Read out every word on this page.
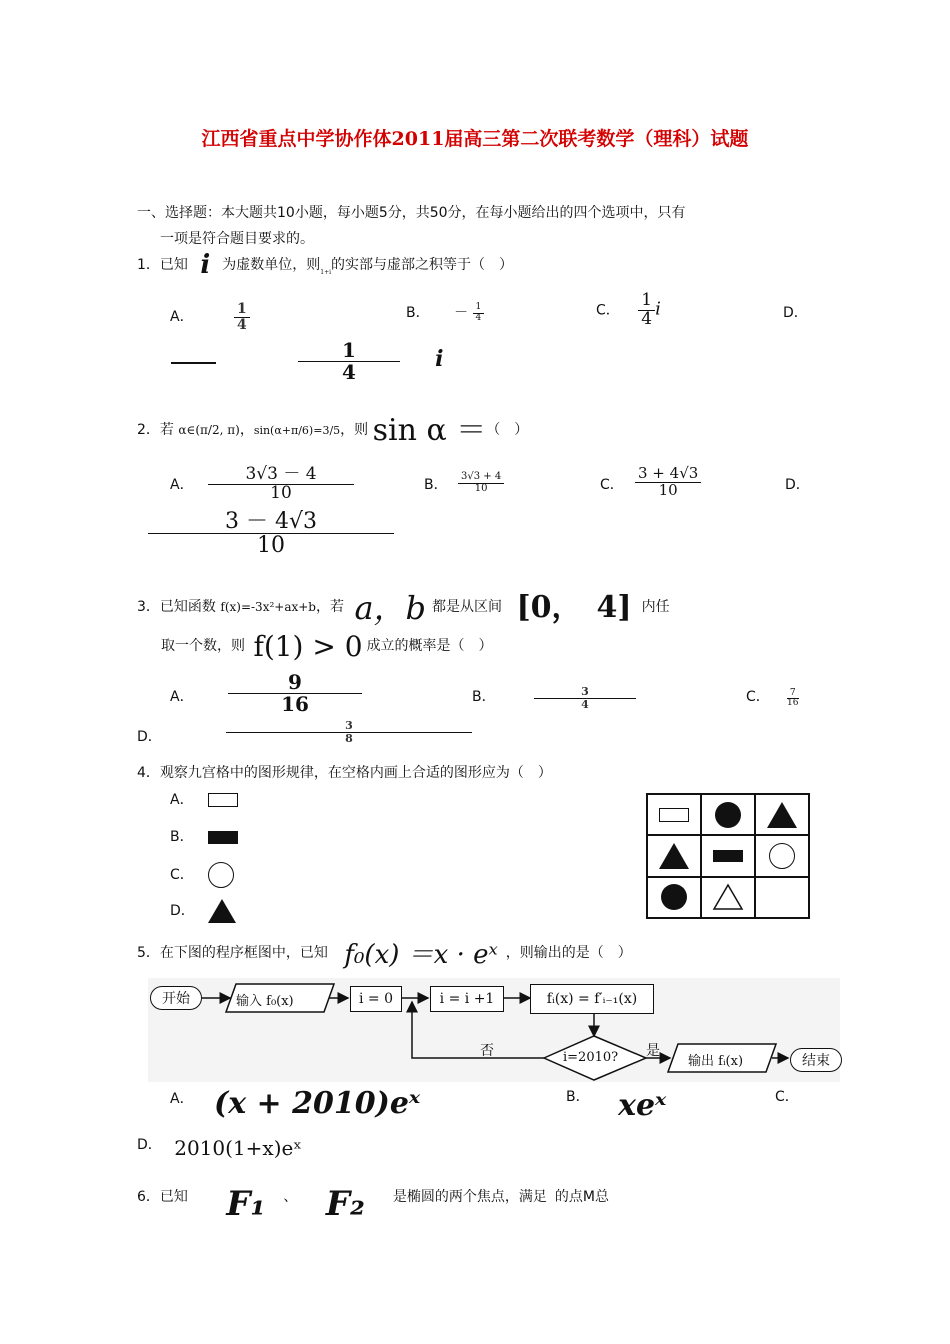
江西省重点中学协作体2011届高三第二次联考数学（理科）试题
一、选择题：本大题共10小题，每小题5分，共50分，在每小题给出的四个选项中，只有
一项是符合题目要求的。
1．已知 i 为虚数单位，则$_{1+i}$的实部与虚部之积等于（　）
A．	$\frac{1}{4}$	B． － $\frac{1}{4}$	C． $\frac{1}{4}$ i	D．
$\frac{1}{4}$ i
2．若 α∈(π/2, π)，sin(α+π/6)=3/5，则 sin α ＝（　）
A． $\frac{3√3 - 4}{10}$	B． $\frac{3√3 + 4}{10}$	C． $\frac{3 + 4√3}{10}$	D．
$\frac{3 - 4√3}{10}$
3．已知函数 f(x)=-3x²+ax+b，若 a，b 都是从区间 [0，　4] 内任
取一个数，则 f(1) > 0 成立的概率是（　）
A． $\frac{9}{16}$	B．	$\frac{3}{4}$	C． $\frac{7}{16}$
D．	$\frac{3}{8}$
4．观察九宫格中的图形规律，在空格内画上合适的图形应为（　）
A．
B．
C．
D．
5．在下图的程序框图中，已知 f₀(x) ＝x · eˣ ，则输出的是（　）
开始	输入 f₀(x)	i = 0	i = i +1	fᵢ(x) = f′ᵢ₋₁(x)
否	i=2010? 是
输出 fᵢ(x)	结束
A． (x + 2010)eˣ	B． xeˣ	C．
D． 2010(1+x)eˣ
6．已知 F₁ 、 F₂ 是椭圆的两个焦点，满足 的点M总
